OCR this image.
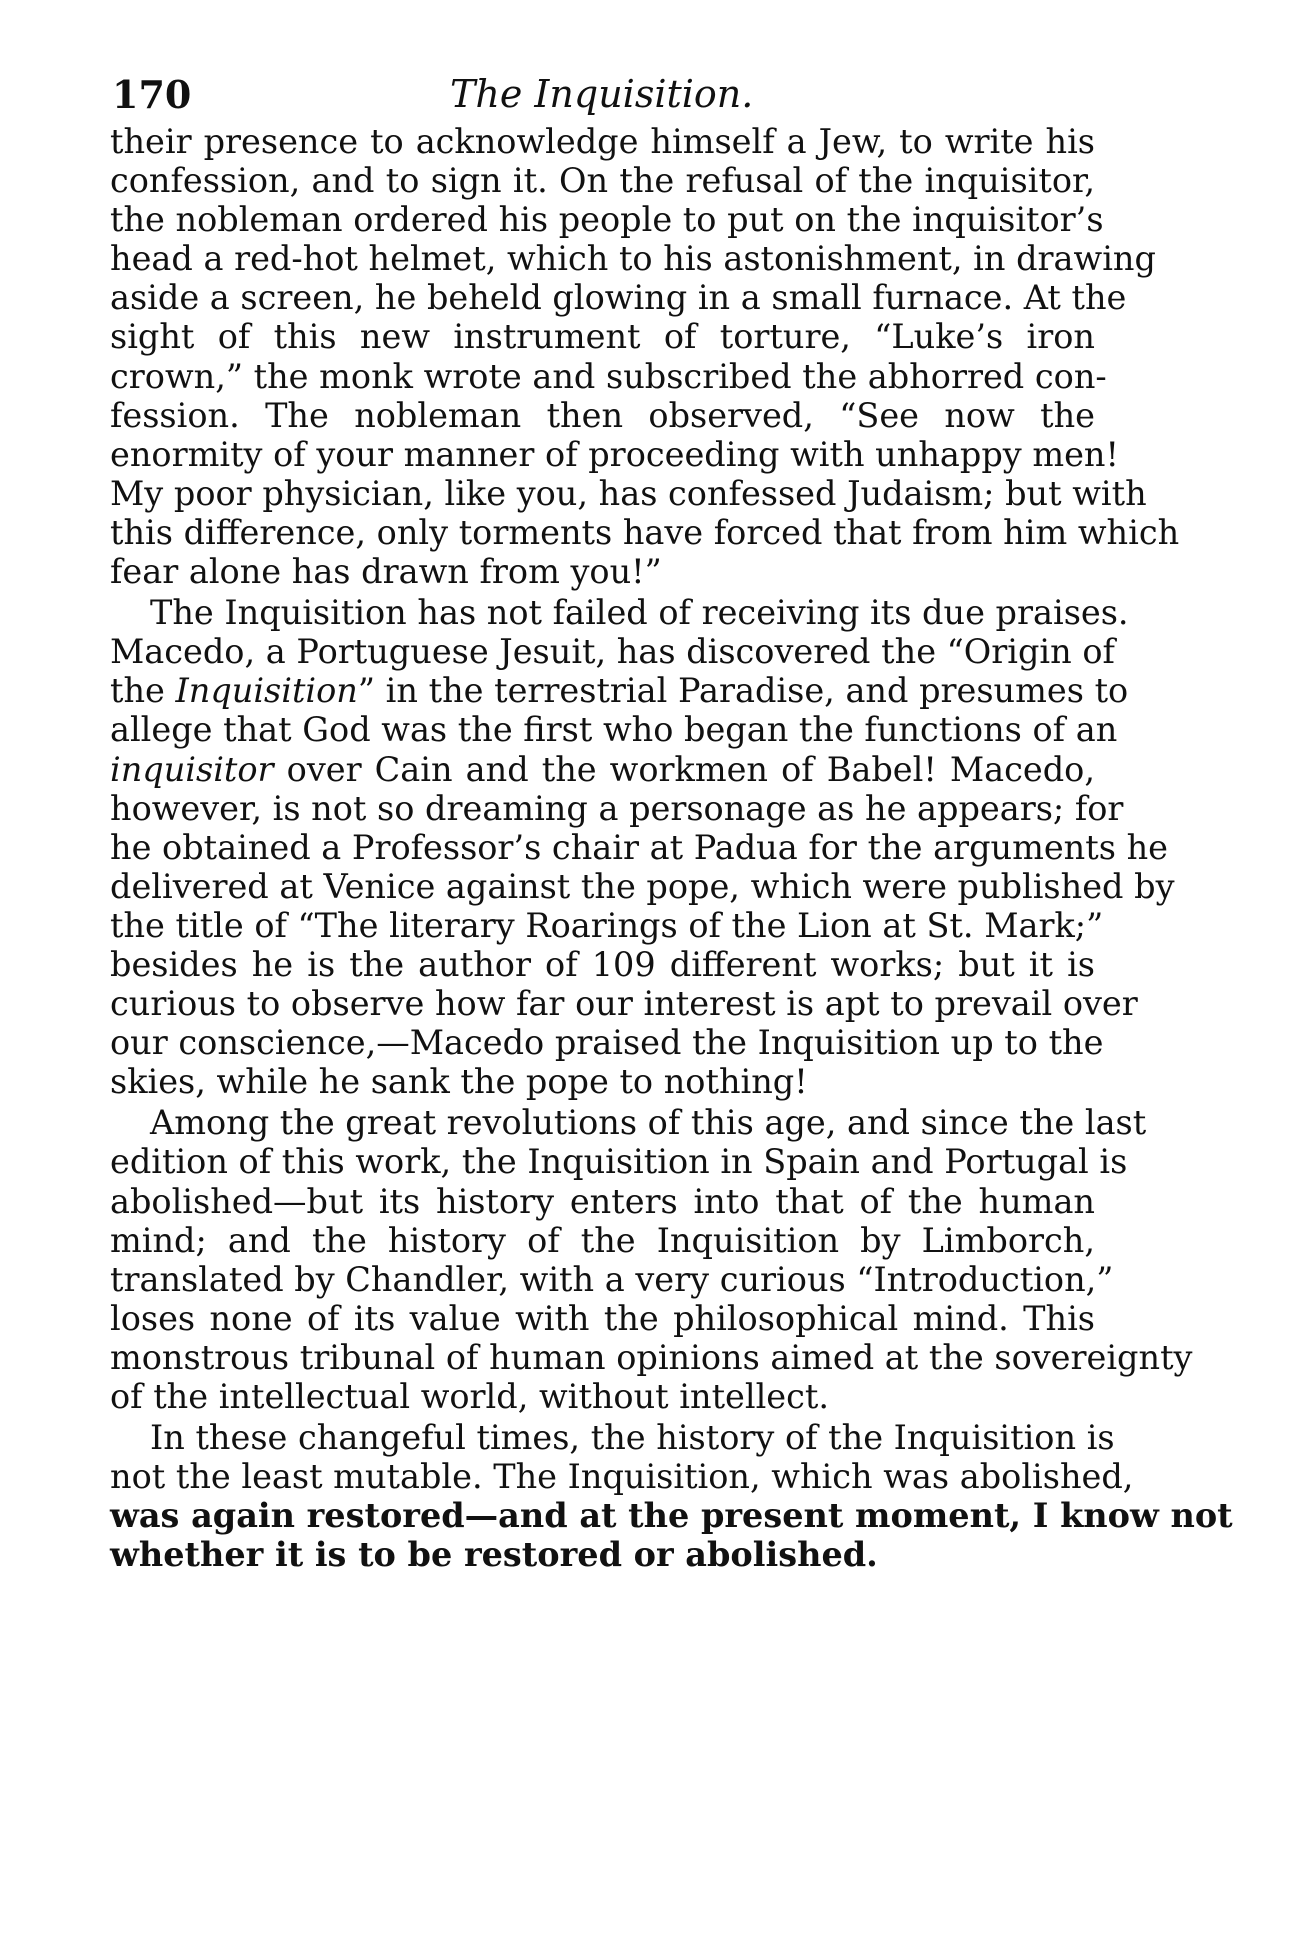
170	The Inquisition.
their presence to acknowledge himself a Jew, to write his
confession, and to sign it. On the refusal of the inquisitor,
the nobleman ordered his people to put on the inquisitor’s
head a red-hot helmet, which to his astonishment, in drawing
aside a screen, he beheld glowing in a small furnace. At the
sight of this new instrument of torture, “Luke’s iron
crown,” the monk wrote and subscribed the abhorred con-
fession. The nobleman then observed, “See now the
enormity of your manner of proceeding with unhappy men!
My poor physician, like you, has confessed Judaism; but with
this difference, only torments have forced that from him which
fear alone has drawn from you!”
The Inquisition has not failed of receiving its due praises.
Macedo, a Portuguese Jesuit, has discovered the “Origin of
the Inquisition” in the terrestrial Paradise, and presumes to
allege that God was the first who began the functions of an
inquisitor over Cain and the workmen of Babel! Macedo,
however, is not so dreaming a personage as he appears; for
he obtained a Professor’s chair at Padua for the arguments he
delivered at Venice against the pope, which were published by
the title of “The literary Roarings of the Lion at St. Mark;”
besides he is the author of 109 different works; but it is
curious to observe how far our interest is apt to prevail over
our conscience,—Macedo praised the Inquisition up to the
skies, while he sank the pope to nothing!
Among the great revolutions of this age, and since the last
edition of this work, the Inquisition in Spain and Portugal is
abolished—but its history enters into that of the human
mind; and the history of the Inquisition by Limborch,
translated by Chandler, with a very curious “Introduction,”
loses none of its value with the philosophical mind. This
monstrous tribunal of human opinions aimed at the sovereignty
of the intellectual world, without intellect.
In these changeful times, the history of the Inquisition is
not the least mutable. The Inquisition, which was abolished,
was again restored—and at the present moment, I know not
whether it is to be restored or abolished.
